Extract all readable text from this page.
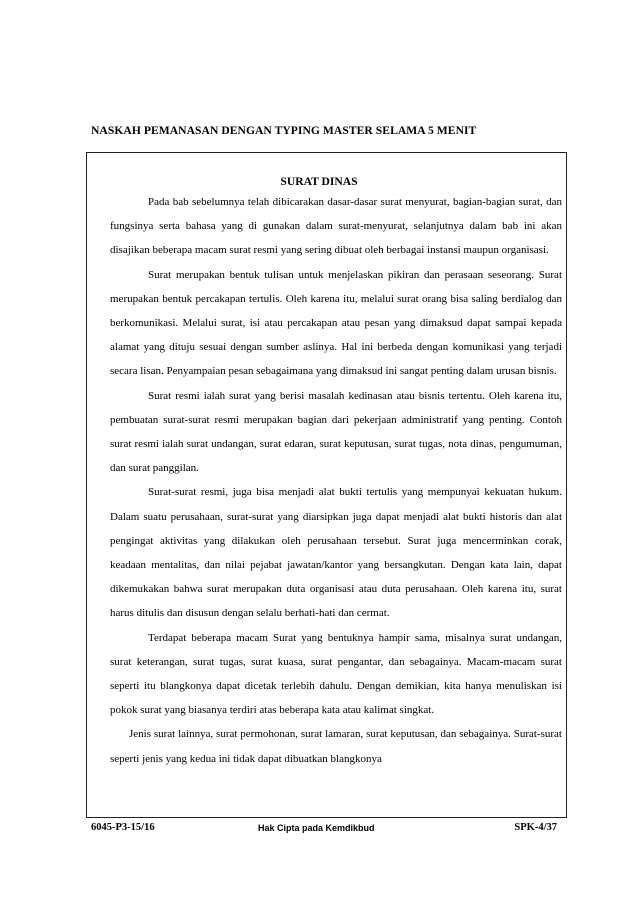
NASKAH PEMANASAN DENGAN TYPING MASTER SELAMA 5 MENIT
SURAT DINAS

Pada bab sebelumnya telah dibicarakan dasar-dasar surat menyurat, bagian-bagian surat, dan fungsinya serta bahasa yang di gunakan dalam surat-menyurat, selanjutnya dalam bab ini akan disajikan beberapa macam surat resmi yang sering dibuat oleh berbagai instansi maupun organisasi.

Surat merupakan bentuk tulisan untuk menjelaskan pikiran dan perasaan seseorang. Surat merupakan bentuk percakapan tertulis. Oleh karena itu, melalui surat orang bisa saling berdialog dan berkomunikasi. Melalui surat, isi atau percakapan atau pesan yang dimaksud dapat sampai kepada alamat yang dituju sesuai dengan sumber aslinya. Hal ini berbeda dengan komunikasi yang terjadi secara lisan. Penyampaian pesan sebagaimana yang dimaksud ini sangat penting dalam urusan bisnis.

Surat resmi ialah surat yang berisi masalah kedinasan atau bisnis tertentu. Oleh karena itu, pembuatan surat-surat resmi merupakan bagian dari pekerjaan administratif yang penting. Contoh surat resmi ialah surat undangan, surat edaran, surat keputusan, surat tugas, nota dinas, pengumuman, dan surat panggilan.

Surat-surat resmi, juga bisa menjadi alat bukti tertulis yang mempunyai kekuatan hukum. Dalam suatu perusahaan, surat-surat yang diarsipkan juga dapat menjadi alat bukti historis dan alat pengingat aktivitas yang dilakukan oleh perusahaan tersebut. Surat juga mencerminkan corak, keadaan mentalitas, dan nilai pejabat jawatan/kantor yang bersangkutan. Dengan kata lain, dapat dikemukakan bahwa surat merupakan duta organisasi atau duta perusahaan. Oleh karena itu, surat harus ditulis dan disusun dengan selalu berhati-hati dan cermat.

Terdapat beberapa macam Surat yang bentuknya hampir sama, misalnya surat undangan, surat keterangan, surat tugas, surat kuasa, surat pengantar, dan sebagainya. Macam-macam surat seperti itu blangkonya dapat dicetak terlebih dahulu. Dengan demikian, kita hanya menuliskan isi pokok surat yang biasanya terdiri atas beberapa kata atau kalimat singkat.

Jenis surat lainnya, surat permohonan, surat lamaran, surat keputusan, dan sebagainya. Surat-surat seperti jenis yang kedua ini tidak dapat dibuatkan blangkonya

6045-P3-15/16	Hak Cipta pada Kemdikbud	SPK-4/37
